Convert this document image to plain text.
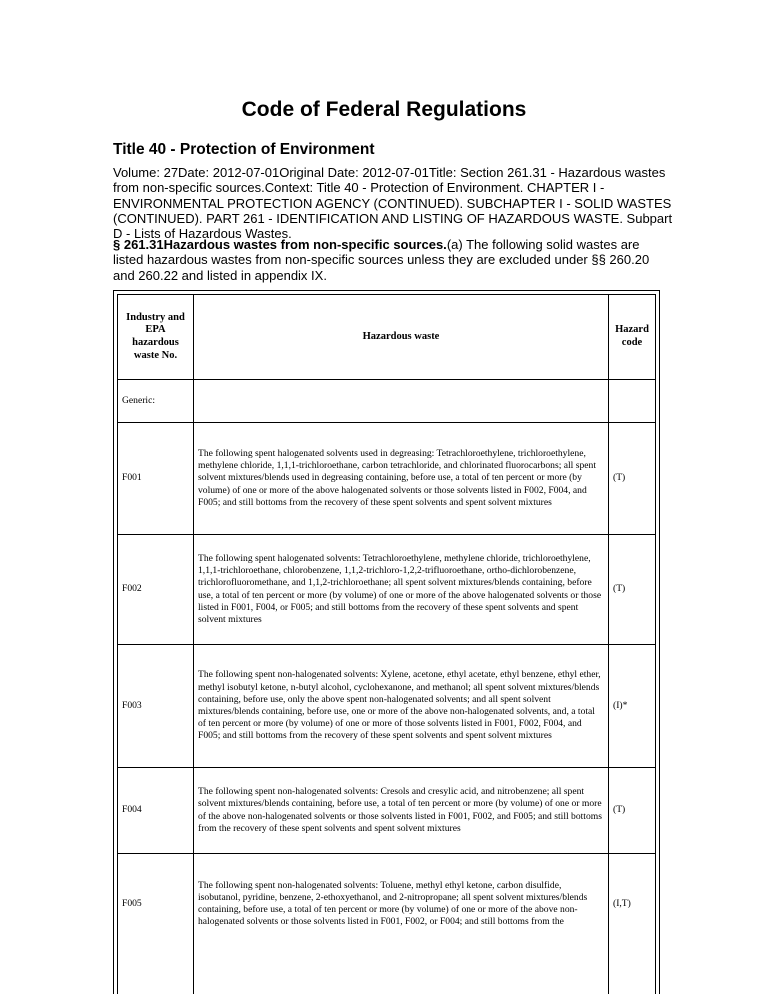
Code of Federal Regulations
Title 40 - Protection of Environment
Volume: 27Date: 2012-07-01Original Date: 2012-07-01Title: Section 261.31 - Hazardous wastes from non-specific sources.Context: Title 40 - Protection of Environment. CHAPTER I - ENVIRONMENTAL PROTECTION AGENCY (CONTINUED). SUBCHAPTER I - SOLID WASTES (CONTINUED). PART 261 - IDENTIFICATION AND LISTING OF HAZARDOUS WASTE. Subpart D - Lists of Hazardous Wastes.
§ 261.31Hazardous wastes from non-specific sources.(a) The following solid wastes are listed hazardous wastes from non-specific sources unless they are excluded under §§ 260.20 and 260.22 and listed in appendix IX.
Industry and EPA hazardous waste No.
Hazardous waste
Hazard code
Generic:
F001
The following spent halogenated solvents used in degreasing: Tetrachloroethylene, trichloroethylene, methylene chloride, 1,1,1-trichloroethane, carbon tetrachloride, and chlorinated fluorocarbons; all spent solvent mixtures/blends used in degreasing containing, before use, a total of ten percent or more (by volume) of one or more of the above halogenated solvents or those solvents listed in F002, F004, and F005; and still bottoms from the recovery of these spent solvents and spent solvent mixtures
(T)
F002
The following spent halogenated solvents: Tetrachloroethylene, methylene chloride, trichloroethylene, 1,1,1-trichloroethane, chlorobenzene, 1,1,2-trichloro-1,2,2-trifluoroethane, ortho-dichlorobenzene, trichlorofluoromethane, and 1,1,2-trichloroethane; all spent solvent mixtures/blends containing, before use, a total of ten percent or more (by volume) of one or more of the above halogenated solvents or those listed in F001, F004, or F005; and still bottoms from the recovery of these spent solvents and spent solvent mixtures
(T)
F003
The following spent non-halogenated solvents: Xylene, acetone, ethyl acetate, ethyl benzene, ethyl ether, methyl isobutyl ketone, n-butyl alcohol, cyclohexanone, and methanol; all spent solvent mixtures/blends containing, before use, only the above spent non-halogenated solvents; and all spent solvent mixtures/blends containing, before use, one or more of the above non-halogenated solvents, and, a total of ten percent or more (by volume) of one or more of those solvents listed in F001, F002, F004, and F005; and still bottoms from the recovery of these spent solvents and spent solvent mixtures
(I)*
F004
The following spent non-halogenated solvents: Cresols and cresylic acid, and nitrobenzene; all spent solvent mixtures/blends containing, before use, a total of ten percent or more (by volume) of one or more of the above non-halogenated solvents or those solvents listed in F001, F002, and F005; and still bottoms from the recovery of these spent solvents and spent solvent mixtures
(T)
F005
The following spent non-halogenated solvents: Toluene, methyl ethyl ketone, carbon disulfide, isobutanol, pyridine, benzene, 2-ethoxyethanol, and 2-nitropropane; all spent solvent mixtures/blends containing, before use, a total of ten percent or more (by volume) of one or more of the above non-halogenated solvents or those solvents listed in F001, F002, or F004; and still bottoms from the
(I,T)
